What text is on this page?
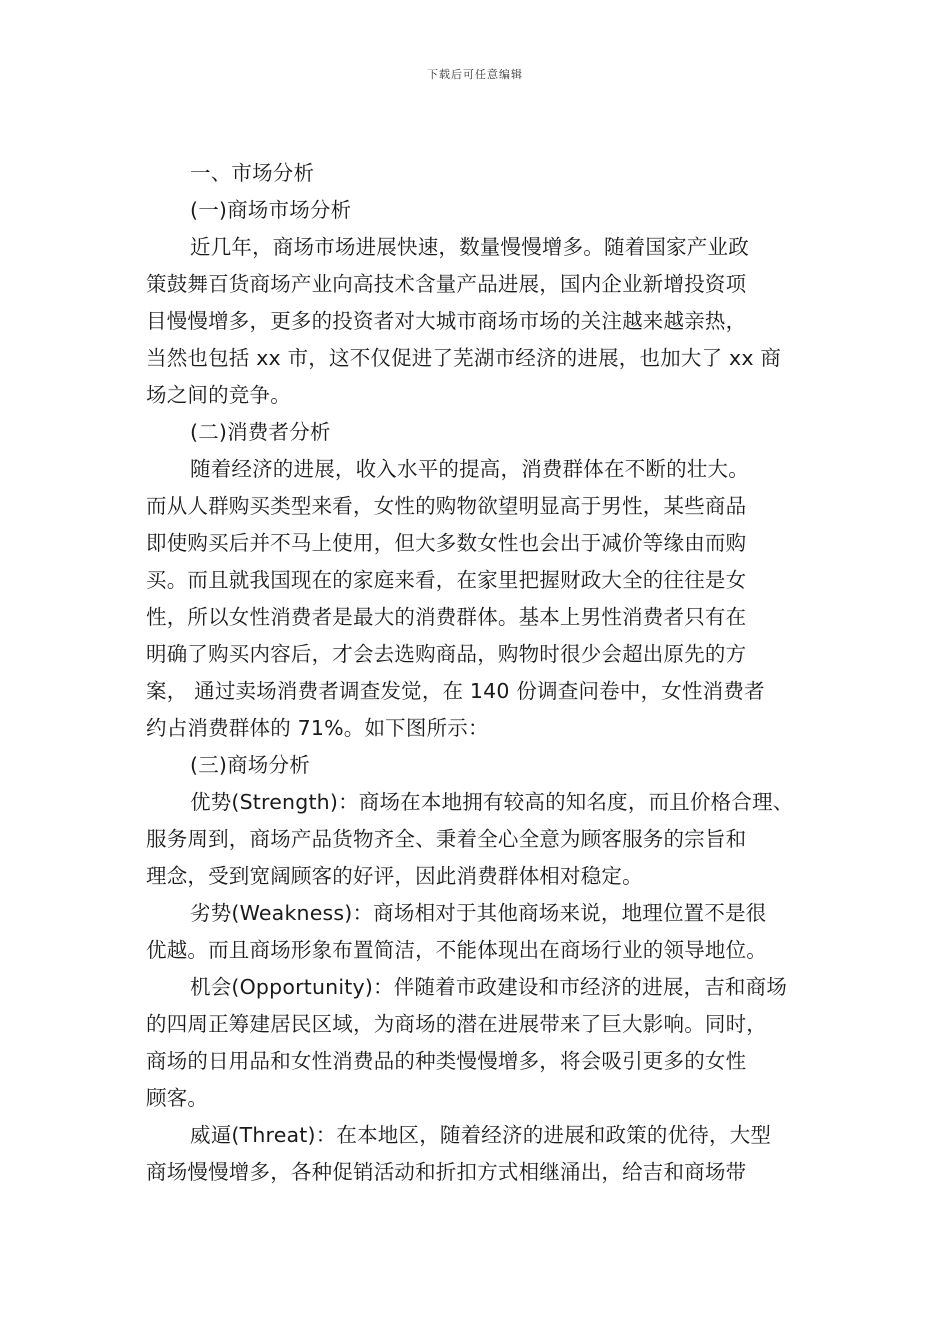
下载后可任意编辑
一、市场分析
(一)商场市场分析
近几年，商场市场进展快速，数量慢慢增多。随着国家产业政
策鼓舞百货商场产业向高技术含量产品进展，国内企业新增投资项
目慢慢增多，更多的投资者对大城市商场市场的关注越来越亲热，
当然也包括 xx 市，这不仅促进了芜湖市经济的进展，也加大了 xx 商
场之间的竞争。
(二)消费者分析
随着经济的进展，收入水平的提高，消费群体在不断的壮大。
而从人群购买类型来看，女性的购物欲望明显高于男性，某些商品
即使购买后并不马上使用，但大多数女性也会出于减价等缘由而购
买。而且就我国现在的家庭来看，在家里把握财政大全的往往是女
性，所以女性消费者是最大的消费群体。基本上男性消费者只有在
明确了购买内容后，才会去选购商品，购物时很少会超出原先的方
案， 通过卖场消费者调查发觉，在 140 份调查问卷中，女性消费者
约占消费群体的 71%。如下图所示：
(三)商场分析
优势(Strength)：商场在本地拥有较高的知名度，而且价格合理、
服务周到，商场产品货物齐全、秉着全心全意为顾客服务的宗旨和
理念，受到宽阔顾客的好评，因此消费群体相对稳定。
劣势(Weakness)：商场相对于其他商场来说，地理位置不是很
优越。而且商场形象布置简洁，不能体现出在商场行业的领导地位。
机会(Opportunity)：伴随着市政建设和市经济的进展，吉和商场
的四周正筹建居民区域，为商场的潜在进展带来了巨大影响。同时，
商场的日用品和女性消费品的种类慢慢增多，将会吸引更多的女性
顾客。
威逼(Threat)：在本地区，随着经济的进展和政策的优待，大型
商场慢慢增多，各种促销活动和折扣方式相继涌出，给吉和商场带
